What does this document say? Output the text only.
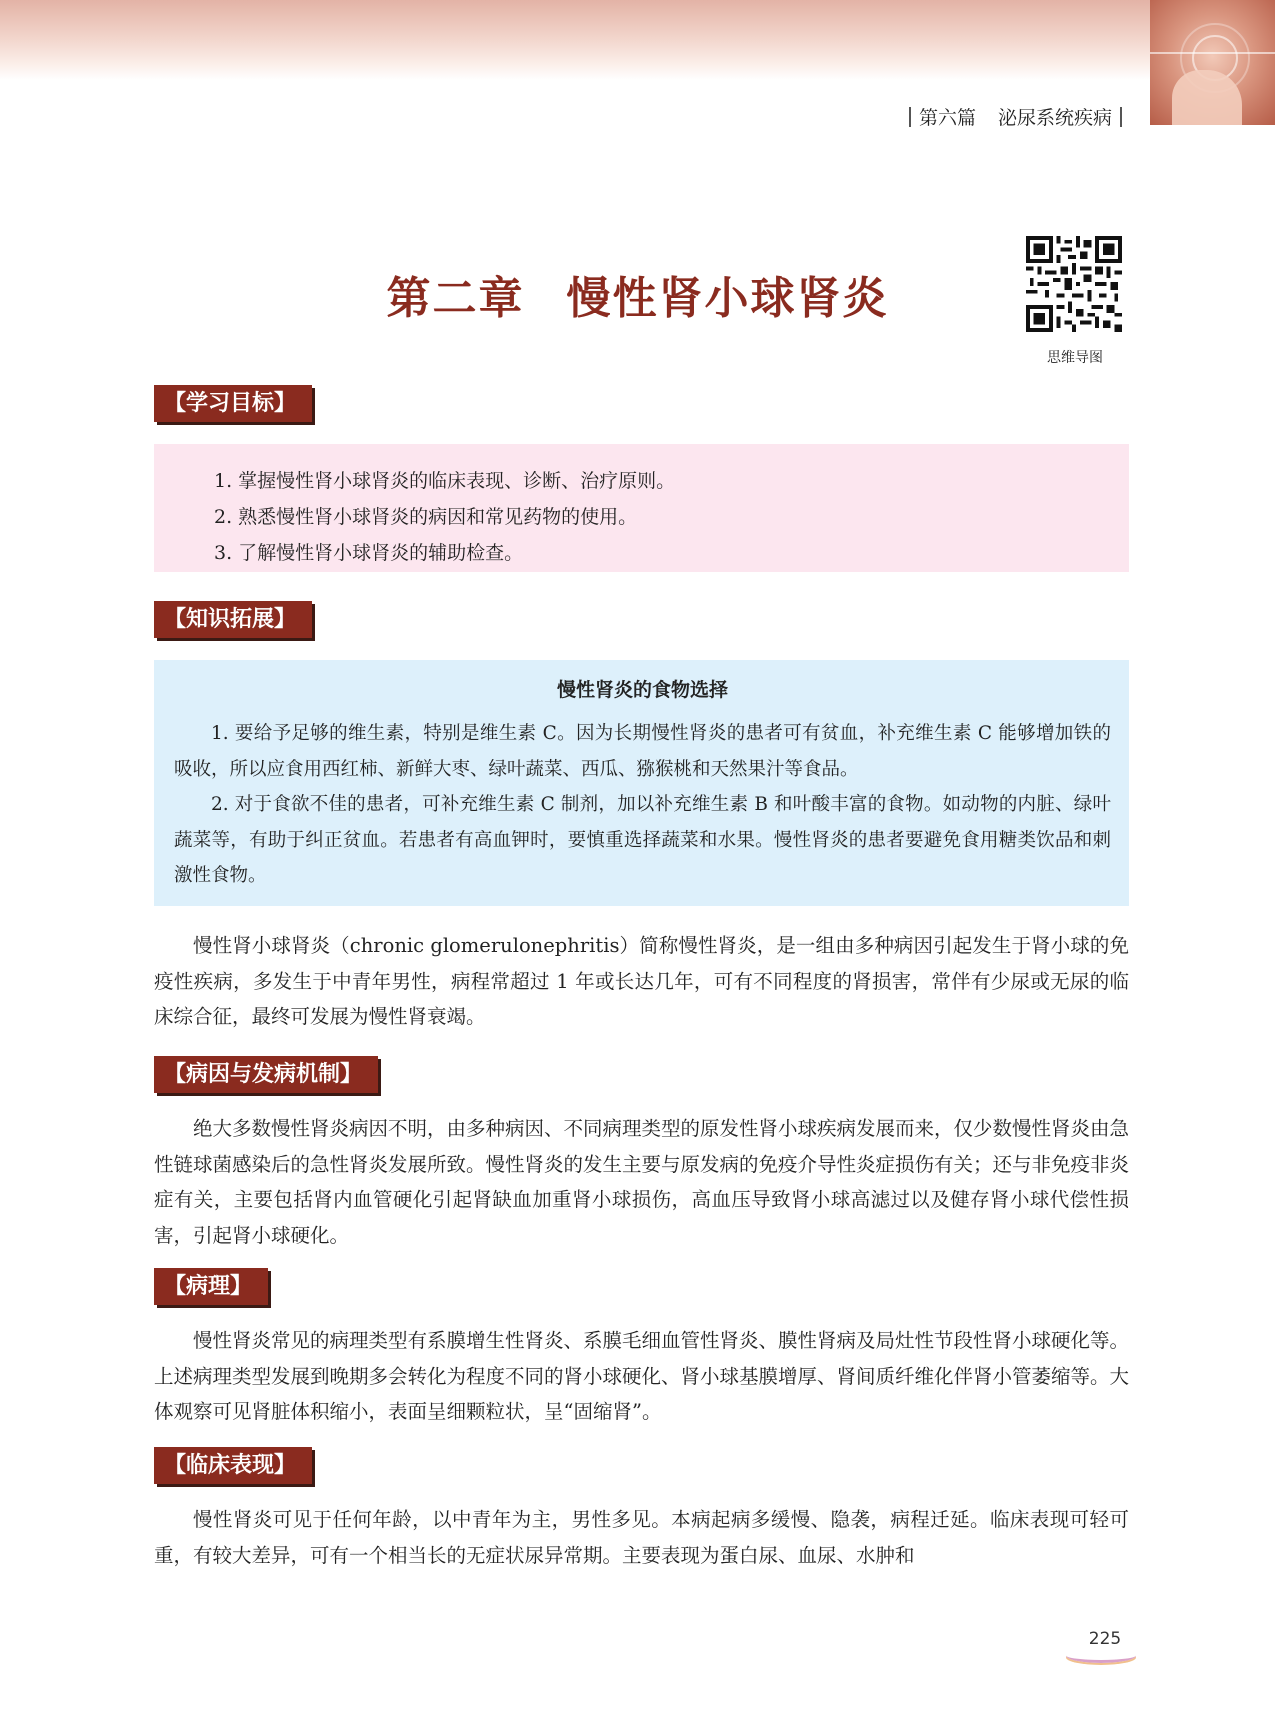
第六篇 泌尿系统疾病
第二章 慢性肾小球肾炎
思维导图
【学习目标】
1. 掌握慢性肾小球肾炎的临床表现、诊断、治疗原则。
2. 熟悉慢性肾小球肾炎的病因和常见药物的使用。
3. 了解慢性肾小球肾炎的辅助检查。
【知识拓展】
慢性肾炎的食物选择

1. 要给予足够的维生素，特别是维生素 C。因为长期慢性肾炎的患者可有贫血，补充维生素 C 能够增加铁的吸收，所以应食用西红柿、新鲜大枣、绿叶蔬菜、西瓜、猕猴桃和天然果汁等食品。

2. 对于食欲不佳的患者，可补充维生素 C 制剂，加以补充维生素 B 和叶酸丰富的食物。如动物的内脏、绿叶蔬菜等，有助于纠正贫血。若患者有高血钾时，要慎重选择蔬菜和水果。慢性肾炎的患者要避免食用糖类饮品和刺激性食物。

慢性肾小球肾炎（chronic glomerulonephritis）简称慢性肾炎，是一组由多种病因引起发生于肾小球的免疫性疾病，多发生于中青年男性，病程常超过 1 年或长达几年，可有不同程度的肾损害，常伴有少尿或无尿的临床综合征，最终可发展为慢性肾衰竭。

【病因与发病机制】

绝大多数慢性肾炎病因不明，由多种病因、不同病理类型的原发性肾小球疾病发展而来，仅少数慢性肾炎由急性链球菌感染后的急性肾炎发展所致。慢性肾炎的发生主要与原发病的免疫介导性炎症损伤有关；还与非免疫非炎症有关，主要包括肾内血管硬化引起肾缺血加重肾小球损伤，高血压导致肾小球高滤过以及健存肾小球代偿性损害，引起肾小球硬化。

【病理】

慢性肾炎常见的病理类型有系膜增生性肾炎、系膜毛细血管性肾炎、膜性肾病及局灶性节段性肾小球硬化等。上述病理类型发展到晚期多会转化为程度不同的肾小球硬化、肾小球基膜增厚、肾间质纤维化伴肾小管萎缩等。大体观察可见肾脏体积缩小，表面呈细颗粒状，呈“固缩肾”。

【临床表现】

慢性肾炎可见于任何年龄，以中青年为主，男性多见。本病起病多缓慢、隐袭，病程迁延。临床表现可轻可重，有较大差异，可有一个相当长的无症状尿异常期。主要表现为蛋白尿、血尿、水肿和

225
